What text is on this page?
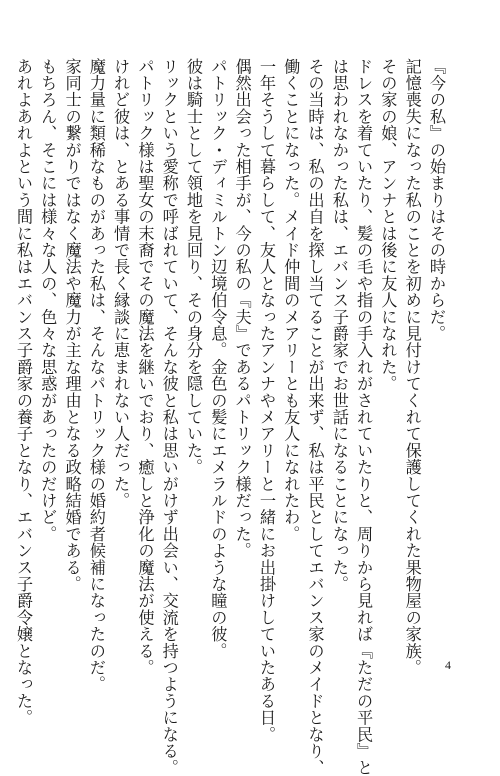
『今の私』の始まりはその時からだ。
記憶喪失になった私のことを初めに見付けてくれて保護してくれた果物屋の家族。
その家の娘、アンナとは後に友人になれた。
ドレスを着ていたり、髪の毛や指の手入れがされていたりと、周りから見れば『ただの平民』と
は思われなかった私は、エバンス子爵家でお世話になることになった。
その当時は、私の出自を探し当てることが出来ず、私は平民としてエバンス家のメイドとなり、
働くことになった。メイド仲間のメアリーとも友人になれたわ。
一年そうして暮らして、友人となったアンナやメアリーと一緒にお出掛けしていたある日。
偶然出会った相手が、今の私の『夫』であるパトリック様だった。
パトリック・ディミルトン辺境伯令息。金色の髪にエメラルドのような瞳の彼。
彼は騎士として領地を見回り、その身分を隠していた。
リックという愛称で呼ばれていて、そんな彼と私は思いがけず出会い、交流を持つようになる。
パトリック様は聖女の末裔でその魔法を継いでおり、癒しと浄化の魔法が使える。
けれど彼は、とある事情で長く縁談に恵まれない人だった。
魔力量に類稀なものがあった私は、そんなパトリック様の婚約者候補になったのだ。
家同士の繋がりではなく魔法や魔力が主な理由となる政略結婚である。
もちろん、そこには様々な人の、色々な思惑があったのだけど。
あれよあれよという間に私はエバンス子爵家の養子となり、エバンス子爵令嬢となった。	4
